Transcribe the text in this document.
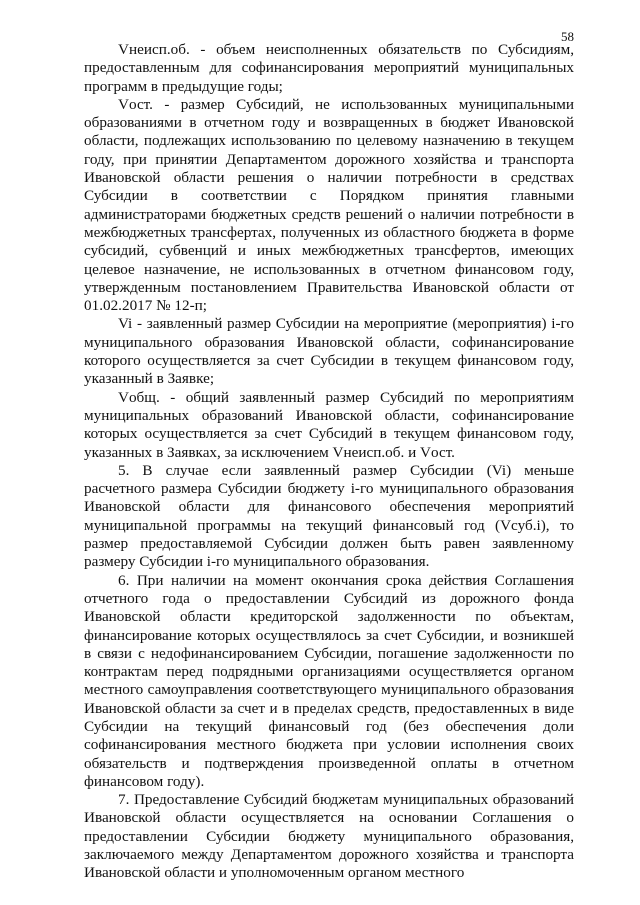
58

Vнеисп.об. - объем неисполненных обязательств по Субсидиям, предоставленным для софинансирования мероприятий муниципальных программ в предыдущие годы;

Vост. - размер Субсидий, не использованных муниципальными образованиями в отчетном году и возвращенных в бюджет Ивановской области, подлежащих использованию по целевому назначению в текущем году, при принятии Департаментом дорожного хозяйства и транспорта Ивановской области решения о наличии потребности в средствах Субсидии в соответствии с Порядком принятия главными администраторами бюджетных средств решений о наличии потребности в межбюджетных трансфертах, полученных из областного бюджета в форме субсидий, субвенций и иных межбюджетных трансфертов, имеющих целевое назначение, не использованных в отчетном финансовом году, утвержденным постановлением Правительства Ивановской области от 01.02.2017 № 12-п;

Vi - заявленный размер Субсидии на мероприятие (мероприятия) i-го муниципального образования Ивановской области, софинансирование которого осуществляется за счет Субсидии в текущем финансовом году, указанный в Заявке;

Vобщ. - общий заявленный размер Субсидий по мероприятиям муниципальных образований Ивановской области, софинансирование которых осуществляется за счет Субсидий в текущем финансовом году, указанных в Заявках, за исключением Vнеисп.об. и Vост.

5. В случае если заявленный размер Субсидии (Vi) меньше расчетного размера Субсидии бюджету i-го муниципального образования Ивановской области для финансового обеспечения мероприятий муниципальной программы на текущий финансовый год (Vсуб.i), то размер предоставляемой Субсидии должен быть равен заявленному размеру Субсидии i-го муниципального образования.

6. При наличии на момент окончания срока действия Соглашения отчетного года о предоставлении Субсидий из дорожного фонда Ивановской области кредиторской задолженности по объектам, финансирование которых осуществлялось за счет Субсидии, и возникшей в связи с недофинансированием Субсидии, погашение задолженности по контрактам перед подрядными организациями осуществляется органом местного самоуправления соответствующего муниципального образования Ивановской области за счет и в пределах средств, предоставленных в виде Субсидии на текущий финансовый год (без обеспечения доли софинансирования местного бюджета при условии исполнения своих обязательств и подтверждения произведенной оплаты в отчетном финансовом году).

7. Предоставление Субсидий бюджетам муниципальных образований Ивановской области осуществляется на основании Соглашения о предоставлении Субсидии бюджету муниципального образования, заключаемого между Департаментом дорожного хозяйства и транспорта Ивановской области и уполномоченным органом местного
